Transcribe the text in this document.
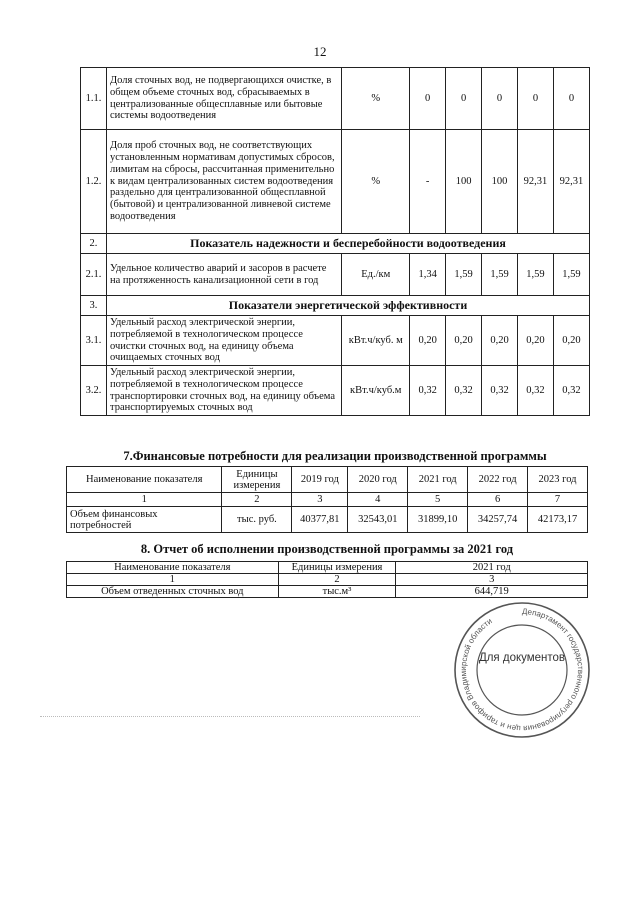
12
1.1.	Доля сточных вод, не подвергающихся очистке, в общем объеме сточных вод, сбрасываемых в централизованные общесплавные или бытовые системы водоотведения	%	0	0	0	0	0
1.2.	Доля проб сточных вод, не соответствующих установленным нормативам допустимых сбросов, лимитам на сбросы, рассчитанная применительно к видам централизованных систем водоотведения раздельно для централизованной общесплавной (бытовой) и централизованной ливневой системе водоотведения	%	-	100	100	92,31	92,31
2.	Показатель надежности и бесперебойности водоотведения						
2.1.	Удельное количество аварий и засоров в расчете на протяженность канализационной сети в год	Ед./км	1,34	1,59	1,59	1,59	1,59
3.	Показатели энергетической эффективности						
3.1.	Удельный расход электрической энергии, потребляемой в технологическом процессе очистки сточных вод, на единицу объема очищаемых сточных вод	кВт.ч/куб. м	0,20	0,20	0,20	0,20	0,20
3.2.	Удельный расход электрической энергии, потребляемой в технологическом процессе транспортировки сточных вод, на единицу объема транспортируемых сточных вод	кВт.ч/куб.м	0,32	0,32	0,32	0,32	0,32
7.Финансовые потребности для реализации производственной программы
Наименование показателя	Единицы измерения	2019 год	2020 год	2021 год	2022 год	2023 год
1	2	3	4	5	6	7
Объем финансовых потребностей	тыс. руб.	40377,81	32543,01	31899,10	34257,74	42173,17
8. Отчет об исполнении производственной программы за 2021 год
Наименование показателя	Единицы измерения	2021 год
1	2	3
Объем отведенных сточных вод	тыс.м³	644,719
Департамент государственного регулирования цен и тарифов Владимирской области
Для документов
